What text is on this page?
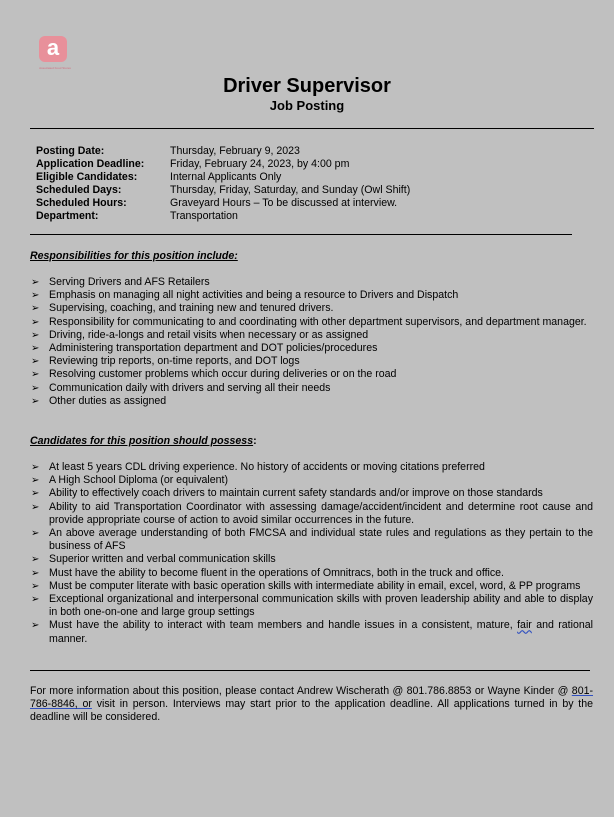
a
Associated Food Stores
Driver Supervisor
Job Posting
Posting Date:	Thursday, February 9, 2023
Application Deadline: Friday, February 24, 2023, by 4:00 pm
Eligible Candidates:	Internal Applicants Only
Scheduled Days:	Thursday, Friday, Saturday, and Sunday (Owl Shift)
Scheduled Hours:	Graveyard Hours – To be discussed at interview.
Department:	Transportation
Responsibilities for this position include:
➢ Serving Drivers and AFS Retailers
➢ Emphasis on managing all night activities and being a resource to Drivers and Dispatch
➢ Supervising, coaching, and training new and tenured drivers.
➢ Responsibility for communicating to and coordinating with other department supervisors, and department manager.
➢ Driving, ride-a-longs and retail visits when necessary or as assigned
➢ Administering transportation department and DOT policies/procedures
➢ Reviewing trip reports, on-time reports, and DOT logs
➢ Resolving customer problems which occur during deliveries or on the road
➢ Communication daily with drivers and serving all their needs
➢ Other duties as assigned
Candidates for this position should possess:
➢ At least 5 years CDL driving experience. No history of accidents or moving citations preferred
➢ A High School Diploma (or equivalent)
➢ Ability to effectively coach drivers to maintain current safety standards and/or improve on those standards
➢ Ability to aid Transportation Coordinator with assessing damage/accident/incident and determine root cause and provide appropriate course of action to avoid similar occurrences in the future.
➢ An above average understanding of both FMCSA and individual state rules and regulations as they pertain to the business of AFS
➢ Superior written and verbal communication skills
➢ Must have the ability to become fluent in the operations of Omnitracs, both in the truck and office.
➢ Must be computer literate with basic operation skills with intermediate ability in email, excel, word, & PP programs
➢ Exceptional organizational and interpersonal communication skills with proven leadership ability and able to display in both one-on-one and large group settings
➢ Must have the ability to interact with team members and handle issues in a consistent, mature, fair and rational manner.
For more information about this position, please contact Andrew Wischerath @ 801.786.8853 or Wayne Kinder @ 801-786-8846, or visit in person. Interviews may start prior to the application deadline. All applications turned in by the deadline will be considered.
